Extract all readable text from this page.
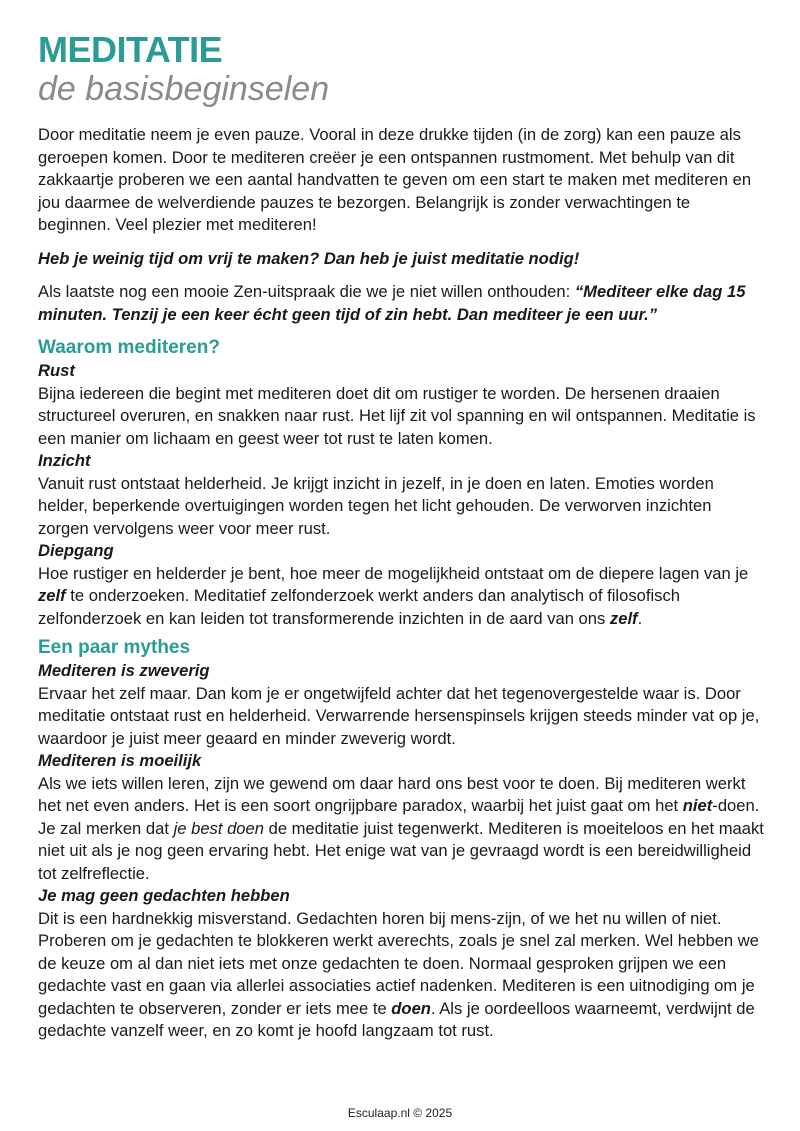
MEDITATIE
de basisbeginselen

Door meditatie neem je even pauze. Vooral in deze drukke tijden (in de zorg) kan een pauze als geroepen komen. Door te mediteren creëer je een ontspannen rustmoment. Met behulp van dit zakkaartje proberen we een aantal handvatten te geven om een start te maken met mediteren en jou daarmee de welverdiende pauzes te bezorgen. Belangrijk is zonder verwachtingen te beginnen. Veel plezier met mediteren!

Heb je weinig tijd om vrij te maken? Dan heb je juist meditatie nodig!

Als laatste nog een mooie Zen-uitspraak die we je niet willen onthouden: “Mediteer elke dag 15 minuten. Tenzij je een keer écht geen tijd of zin hebt. Dan mediteer je een uur.”

Waarom mediteren?
Rust

Bijna iedereen die begint met mediteren doet dit om rustiger te worden. De hersenen draaien structureel overuren, en snakken naar rust. Het lijf zit vol spanning en wil ontspannen. Meditatie is een manier om lichaam en geest weer tot rust te laten komen.

Inzicht

Vanuit rust ontstaat helderheid. Je krijgt inzicht in jezelf, in je doen en laten. Emoties worden helder, beperkende overtuigingen worden tegen het licht gehouden. De verworven inzichten zorgen vervolgens weer voor meer rust.

Diepgang

Hoe rustiger en helderder je bent, hoe meer de mogelijkheid ontstaat om de diepere lagen van je zelf te onderzoeken. Meditatief zelfonderzoek werkt anders dan analytisch of filosofisch zelfonderzoek en kan leiden tot transformerende inzichten in de aard van ons zelf.

Een paar mythes
Mediteren is zweverig

Ervaar het zelf maar. Dan kom je er ongetwijfeld achter dat het tegenovergestelde waar is. Door meditatie ontstaat rust en helderheid. Verwarrende hersenspinsels krijgen steeds minder vat op je, waardoor je juist meer geaard en minder zweverig wordt.

Mediteren is moeilijk

Als we iets willen leren, zijn we gewend om daar hard ons best voor te doen. Bij mediteren werkt het net even anders. Het is een soort ongrijpbare paradox, waarbij het juist gaat om het niet-doen.

Je zal merken dat je best doen de meditatie juist tegenwerkt. Mediteren is moeiteloos en het maakt niet uit als je nog geen ervaring hebt. Het enige wat van je gevraagd wordt is een bereidwilligheid tot zelfreflectie.

Je mag geen gedachten hebben

Dit is een hardnekkig misverstand. Gedachten horen bij mens-zijn, of we het nu willen of niet. Proberen om je gedachten te blokkeren werkt averechts, zoals je snel zal merken. Wel hebben we de keuze om al dan niet iets met onze gedachten te doen. Normaal gesproken grijpen we een gedachte vast en gaan via allerlei associaties actief nadenken. Mediteren is een uitnodiging om je gedachten te observeren, zonder er iets mee te doen. Als je oordeelloos waarneemt, verdwijnt de gedachte vanzelf weer, en zo komt je hoofd langzaam tot rust.

Esculaap.nl © 2025
